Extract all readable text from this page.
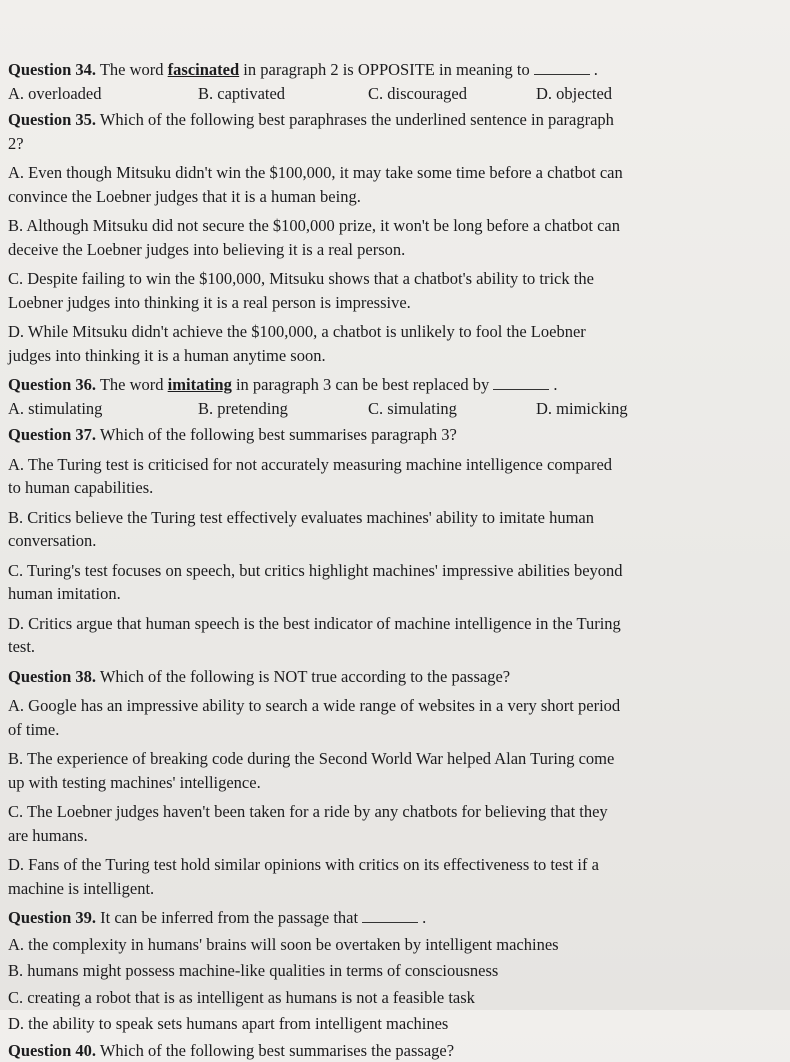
Question 34. The word fascinated in paragraph 2 is OPPOSITE in meaning to	.

A. overloaded	B. captivated	C. discouraged	D. objected

Question 35. Which of the following best paraphrases the underlined sentence in paragraph

2?

A. Even though Mitsuku didn't win the $100,000, it may take some time before a chatbot can

convince the Loebner judges that it is a human being.

B. Although Mitsuku did not secure the $100,000 prize, it won't be long before a chatbot can

deceive the Loebner judges into believing it is a real person.

C. Despite failing to win the $100,000, Mitsuku shows that a chatbot's ability to trick the

Loebner judges into thinking it is a real person is impressive.

D. While Mitsuku didn't achieve the $100,000, a chatbot is unlikely to fool the Loebner

judges into thinking it is a human anytime soon.

Question 36. The word imitating in paragraph 3 can be best replaced by	.

A. stimulating	B. pretending	C. simulating	D. mimicking

Question 37. Which of the following best summarises paragraph 3?

A. The Turing test is criticised for not accurately measuring machine intelligence compared

to human capabilities.

B. Critics believe the Turing test effectively evaluates machines' ability to imitate human

conversation.

C. Turing's test focuses on speech, but critics highlight machines' impressive abilities beyond

human imitation.

D. Critics argue that human speech is the best indicator of machine intelligence in the Turing

test.

Question 38. Which of the following is NOT true according to the passage?

A. Google has an impressive ability to search a wide range of websites in a very short period

of time.

B. The experience of breaking code during the Second World War helped Alan Turing come

up with testing machines' intelligence.

C. The Loebner judges haven't been taken for a ride by any chatbots for believing that they

are humans.

D. Fans of the Turing test hold similar opinions with critics on its effectiveness to test if a

machine is intelligent.

Question 39. It can be inferred from the passage that	.

A. the complexity in humans' brains will soon be overtaken by intelligent machines

B. humans might possess machine-like qualities in terms of consciousness

C. creating a robot that is as intelligent as humans is not a feasible task

D. the ability to speak sets humans apart from intelligent machines

Question 40. Which of the following best summarises the passage?
